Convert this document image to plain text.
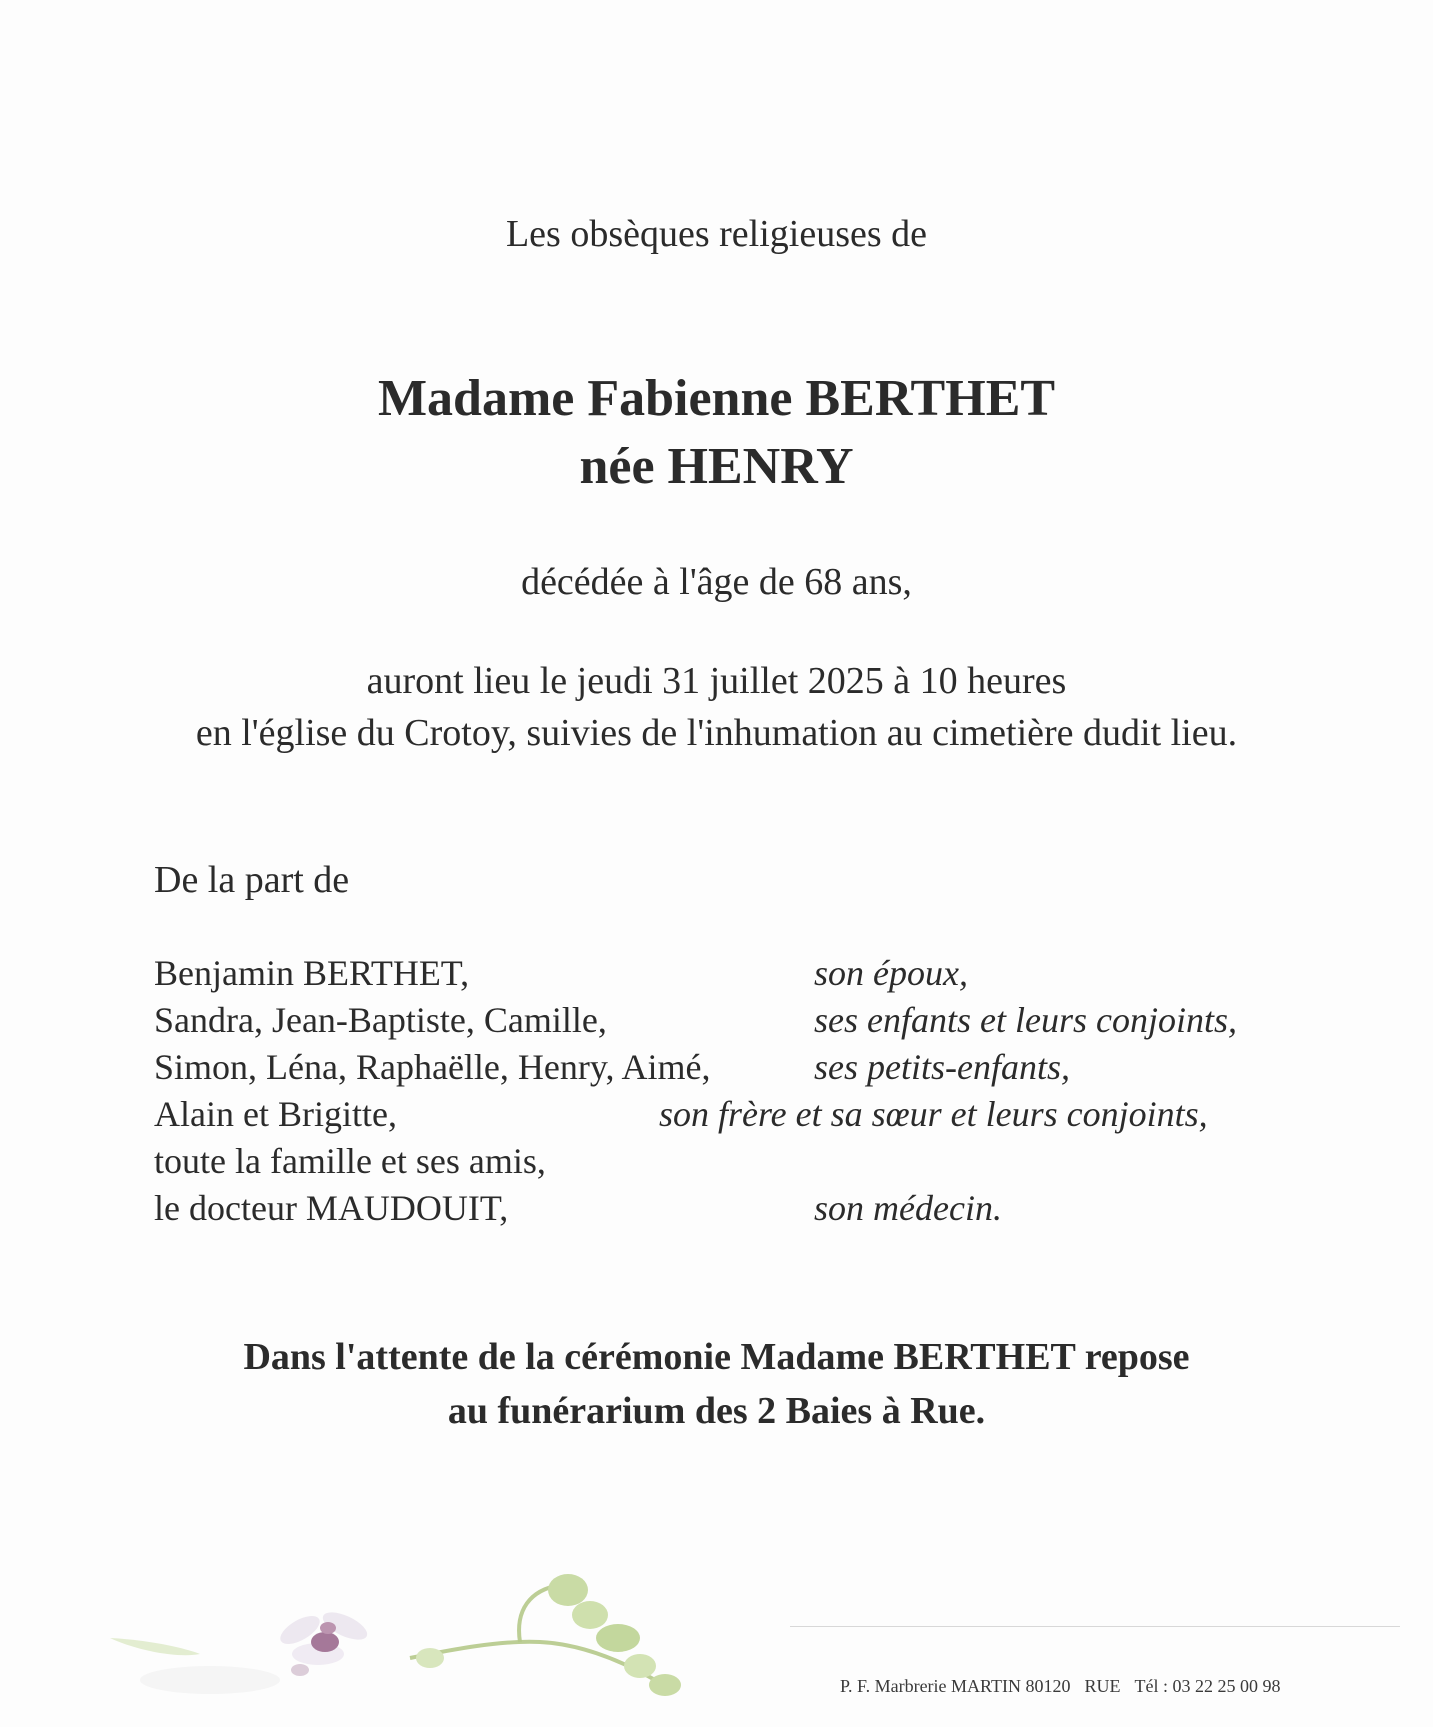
Les obsèques religieuses de
Madame Fabienne BERTHET
née HENRY
décédée à l'âge de 68 ans,
auront lieu le jeudi 31 juillet 2025 à 10 heures
en l'église du Crotoy, suivies de l'inhumation au cimetière dudit lieu.
De la part de
Benjamin BERTHET,	son époux,
Sandra, Jean-Baptiste, Camille,	ses enfants et leurs conjoints,
Simon, Léna, Raphaëlle, Henry, Aimé,	ses petits-enfants,
Alain et Brigitte,	son frère et sa sœur et leurs conjoints,
toute la famille et ses amis,
le docteur MAUDOUIT,	son médecin.
Dans l'attente de la cérémonie Madame BERTHET repose
au funérarium des 2 Baies à Rue.
P. F. Marbrerie MARTIN 80120 RUE Tél : 03 22 25 00 98
